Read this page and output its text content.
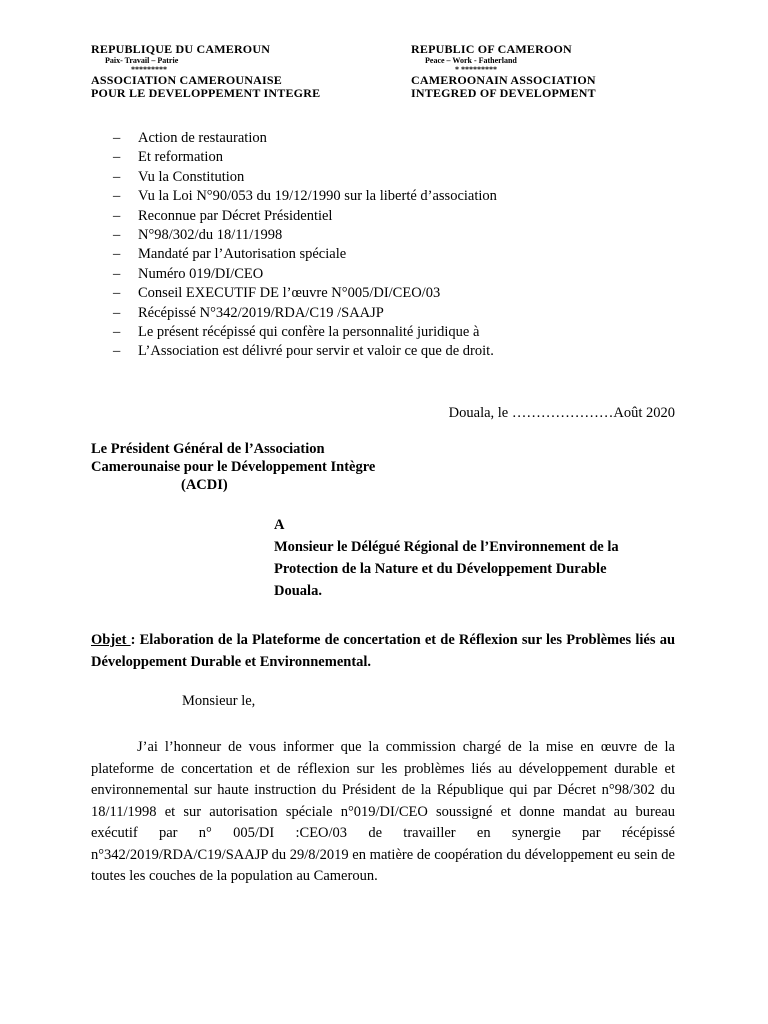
REPUBLIQUE DU CAMEROUN
Paix- Travail – Patrie
*********
ASSOCIATION CAMEROUNAISE
POUR LE DEVELOPPEMENT INTEGRE
REPUBLIC OF CAMEROON
Peace – Work - Fatherland
* *********
CAMEROONAIN ASSOCIATION
INTEGRED OF DEVELOPMENT
– Action de restauration
– Et reformation
– Vu la Constitution
– Vu la Loi N°90/053 du 19/12/1990 sur la liberté d’association
– Reconnue par Décret Présidentiel
– N°98/302/du 18/11/1998
– Mandaté par l’Autorisation spéciale
– Numéro 019/DI/CEO
– Conseil EXECUTIF DE l’œuvre N°005/DI/CEO/03
– Récépissé N°342/2019/RDA/C19 /SAAJP
– Le présent récépissé qui confère la personnalité juridique à
– L’Association est délivré pour servir et valoir ce que de droit.
Douala, le …………………Août 2020
Le Président Général de l’Association
Camerounaise pour le Développement Intègre
(ACDI)
A
Monsieur le Délégué Régional de l’Environnement de la
Protection de la Nature et du Développement Durable
Douala.
Objet : Elaboration de la Plateforme de concertation et de Réflexion sur les Problèmes liés au Développement Durable et Environnemental.
Monsieur le,
J’ai l’honneur de vous informer que la commission chargé de la mise en œuvre de la plateforme de concertation et de réflexion sur les problèmes liés au développement durable et environnemental sur haute instruction du Président de la République qui par Décret n°98/302 du 18/11/1998 et sur autorisation spéciale n°019/DI/CEO soussigné et donne mandat au bureau exécutif par n° 005/DI :CEO/03 de travailler en synergie par récépissé n°342/2019/RDA/C19/SAAJP du 29/8/2019 en matière de coopération du développement eu sein de toutes les couches de la population au Cameroun.
